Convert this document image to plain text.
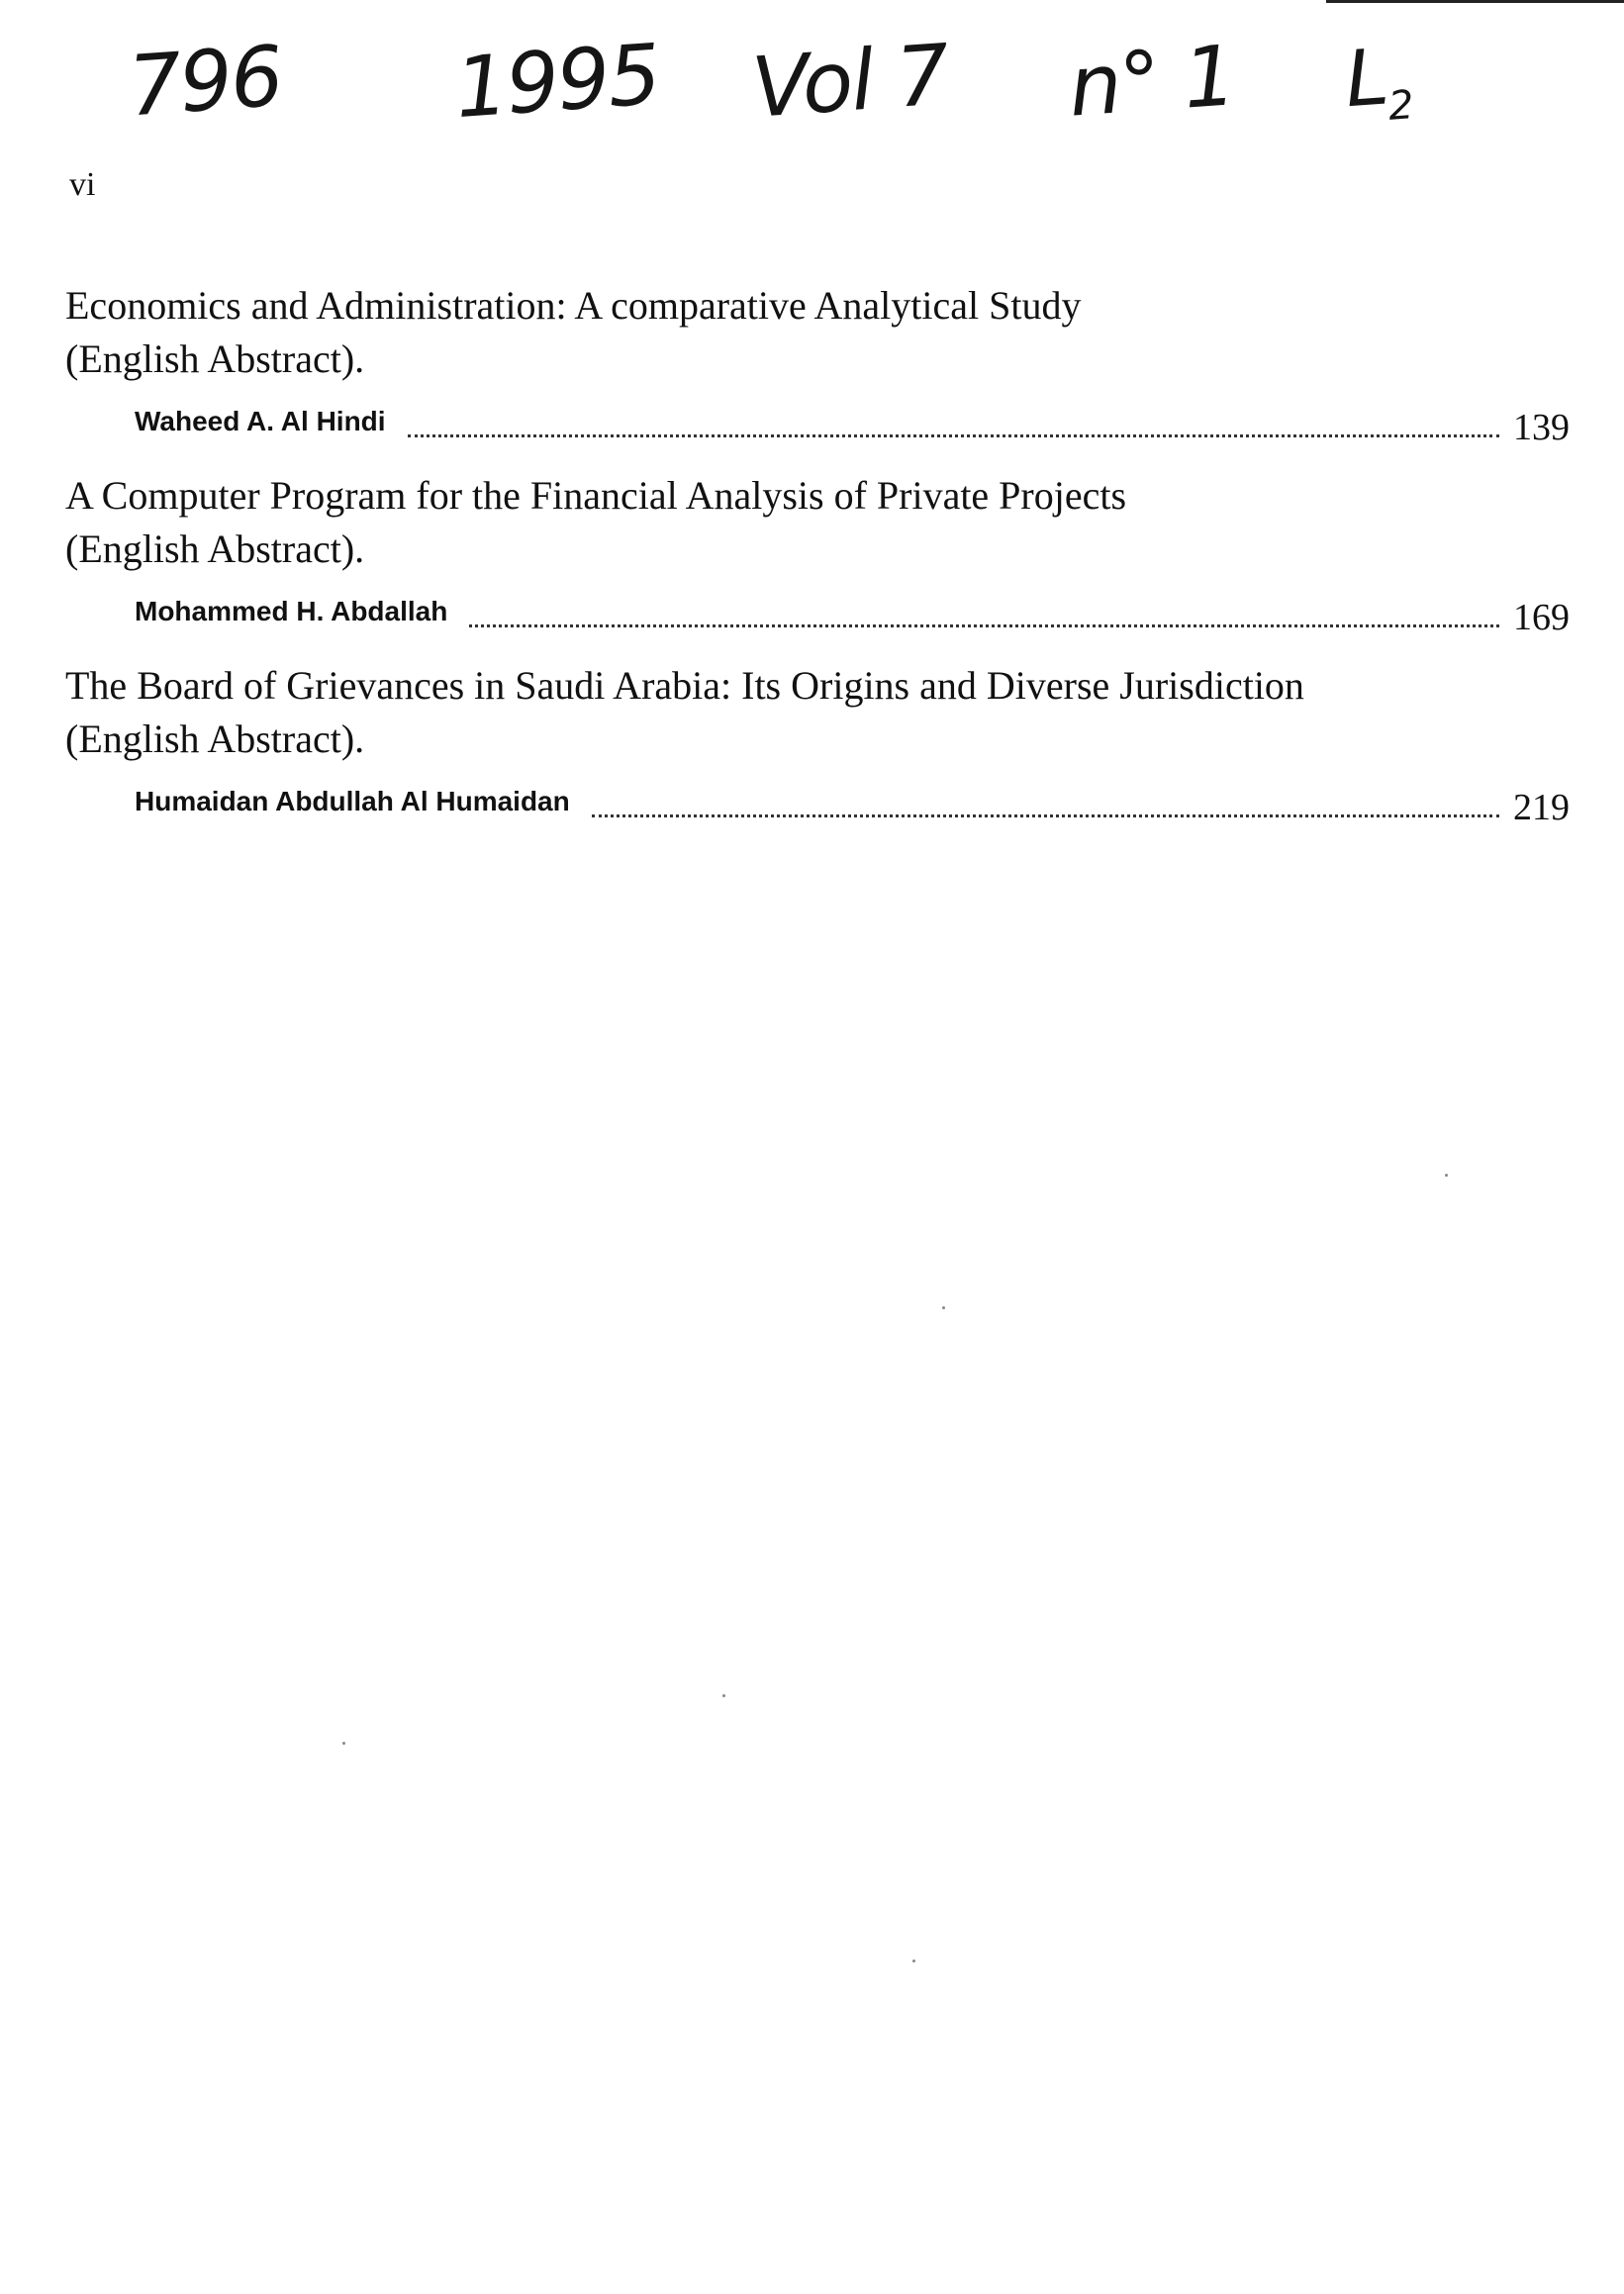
796 1995 Vol 7 n° 1 $L_2$
vi

Economics and Administration: A comparative Analytical Study

(English Abstract).

Waheed A. Al Hindi	139

A Computer Program for the Financial Analysis of Private Projects

(English Abstract).

Mohammed H. Abdallah	169

The Board of Grievances in Saudi Arabia: Its Origins and Diverse Jurisdiction

(English Abstract).

Humaidan Abdullah Al Humaidan	219
